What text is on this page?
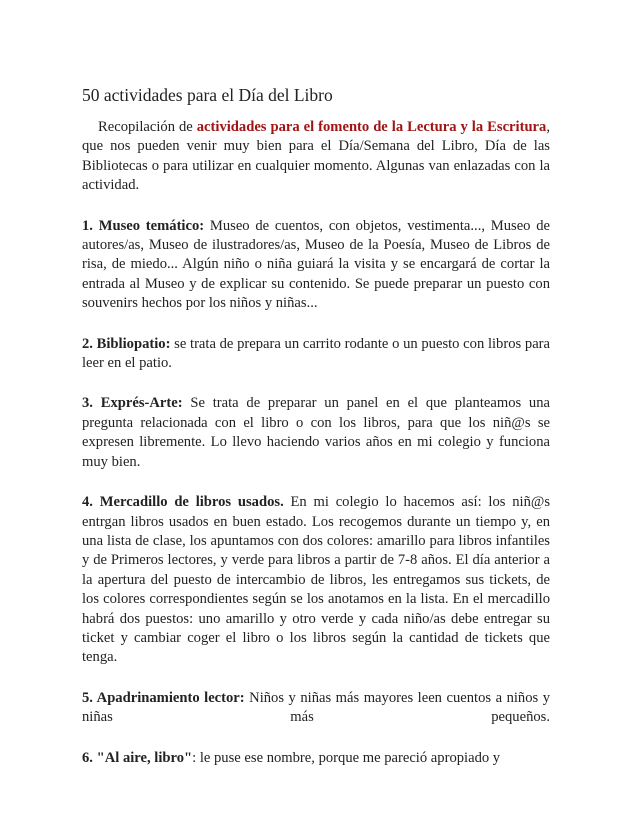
50 actividades para el Día del Libro

Recopilación de actividades para el fomento de la Lectura y la Escritura, que nos pueden venir muy bien para el Día/Semana del Libro, Día de las Bibliotecas o para utilizar en cualquier momento. Algunas van enlazadas con la actividad.

1. Museo temático: Museo de cuentos, con objetos, vestimenta..., Museo de autores/as, Museo de ilustradores/as, Museo de la Poesía, Museo de Libros de risa, de miedo... Algún niño o niña guiará la visita y se encargará de cortar la entrada al Museo y de explicar su contenido. Se puede preparar un puesto con souvenirs hechos por los niños y niñas...

2. Bibliopatio: se trata de prepara un carrito rodante o un puesto con libros para leer en el patio.

3. Exprés-Arte: Se trata de preparar un panel en el que planteamos una pregunta relacionada con el libro o con los libros, para que los niñ@s se expresen libremente. Lo llevo haciendo varios años en mi colegio y funciona muy bien.

4. Mercadillo de libros usados. En mi colegio lo hacemos así: los niñ@s entrgan libros usados en buen estado. Los recogemos durante un tiempo y, en una lista de clase, los apuntamos con dos colores: amarillo para libros infantiles y de Primeros lectores, y verde para libros a partir de 7-8 años. El día anterior a la apertura del puesto de intercambio de libros, les entregamos sus tickets, de los colores correspondientes según se los anotamos en la lista. En el mercadillo habrá dos puestos: uno amarillo y otro verde y cada niño/as debe entregar su ticket y cambiar coger el libro o los libros según la cantidad de tickets que tenga.

5. Apadrinamiento lector: Niños y niñas más mayores leen cuentos a niños y niñas más pequeños.

6. "Al aire, libro": le puse ese nombre, porque me pareció apropiado y
